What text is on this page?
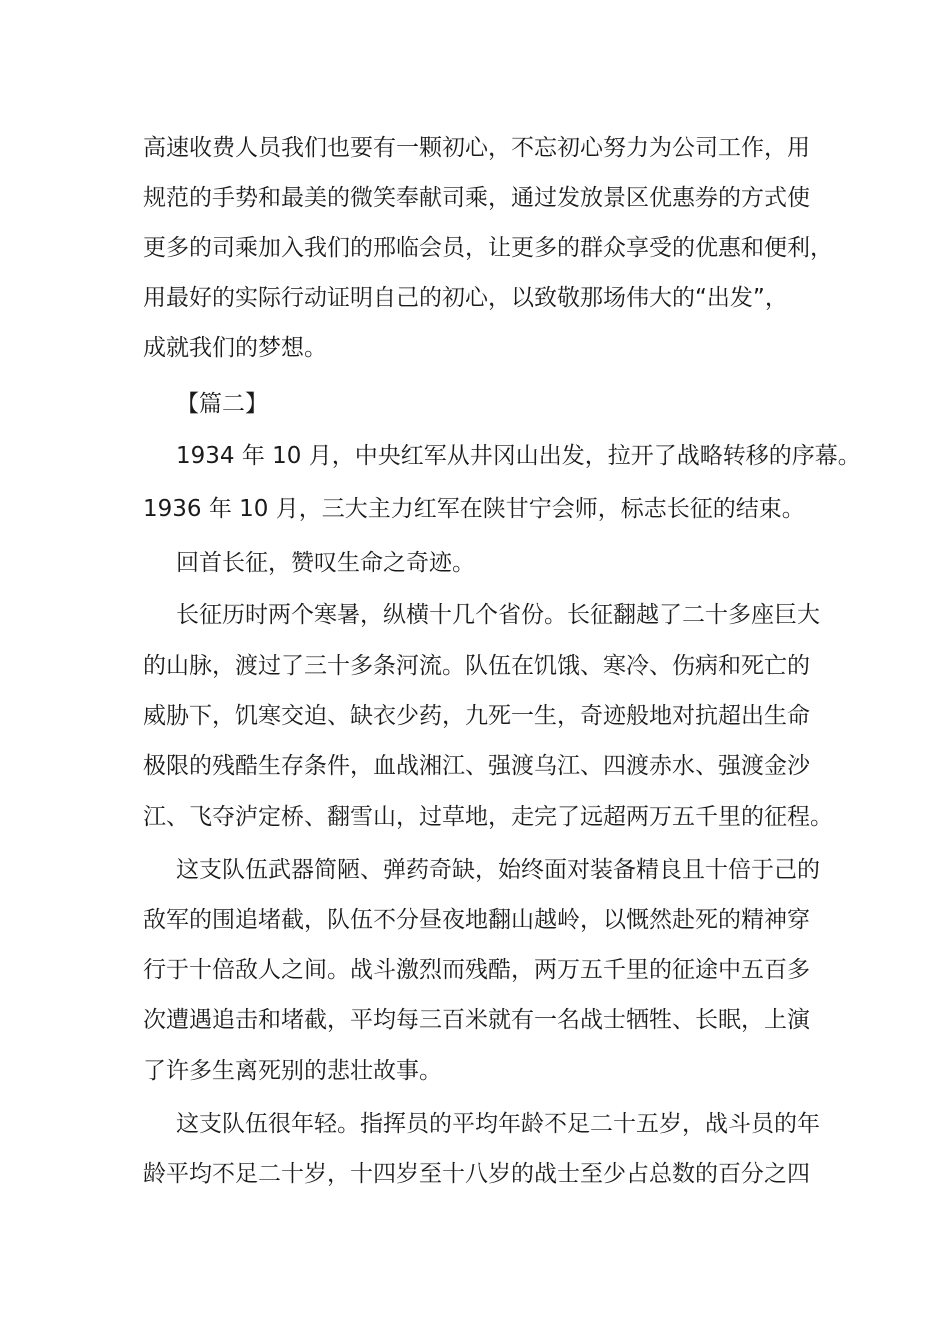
高速收费人员我们也要有一颗初心，不忘初心努力为公司工作，用
规范的手势和最美的微笑奉献司乘，通过发放景区优惠券的方式使
更多的司乘加入我们的邢临会员，让更多的群众享受的优惠和便利，
用最好的实际行动证明自己的初心，以致敬那场伟大的“出发”，
成就我们的梦想。
【篇二】
1934 年 10 月，中央红军从井冈山出发，拉开了战略转移的序幕。
1936 年 10 月，三大主力红军在陕甘宁会师，标志长征的结束。
回首长征，赞叹生命之奇迹。
长征历时两个寒暑，纵横十几个省份。长征翻越了二十多座巨大
的山脉，渡过了三十多条河流。队伍在饥饿、寒冷、伤病和死亡的
威胁下，饥寒交迫、缺衣少药，九死一生，奇迹般地对抗超出生命
极限的残酷生存条件，血战湘江、强渡乌江、四渡赤水、强渡金沙
江、飞夺泸定桥、翻雪山，过草地，走完了远超两万五千里的征程。
这支队伍武器简陋、弹药奇缺，始终面对装备精良且十倍于己的
敌军的围追堵截，队伍不分昼夜地翻山越岭，以慨然赴死的精神穿
行于十倍敌人之间。战斗激烈而残酷，两万五千里的征途中五百多
次遭遇追击和堵截，平均每三百米就有一名战士牺牲、长眠，上演
了许多生离死别的悲壮故事。
这支队伍很年轻。指挥员的平均年龄不足二十五岁，战斗员的年
龄平均不足二十岁，十四岁至十八岁的战士至少占总数的百分之四
